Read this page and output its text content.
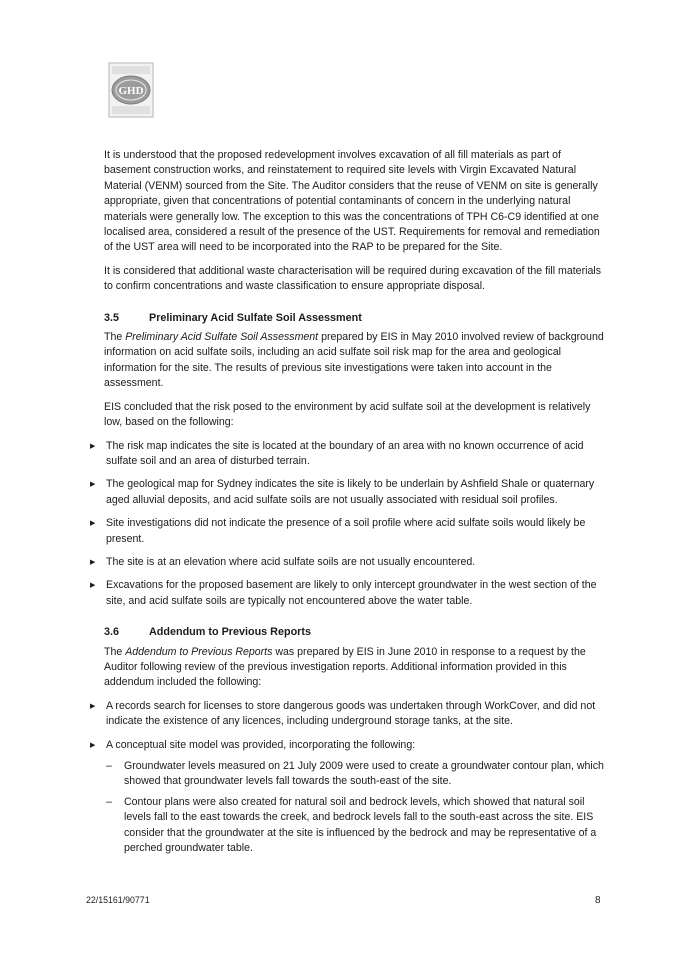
GHD

It is understood that the proposed redevelopment involves excavation of all fill materials as part of basement construction works, and reinstatement to required site levels with Virgin Excavated Natural Material (VENM) sourced from the Site. The Auditor considers that the reuse of VENM on site is generally appropriate, given that concentrations of potential contaminants of concern in the underlying natural materials were generally low. The exception to this was the concentrations of TPH C6-C9 identified at one localised area, considered a result of the presence of the UST. Requirements for removal and remediation of the UST area will need to be incorporated into the RAP to be prepared for the Site.

It is considered that additional waste characterisation will be required during excavation of the fill materials to confirm concentrations and waste classification to ensure appropriate disposal.

3.5	Preliminary Acid Sulfate Soil Assessment

The Preliminary Acid Sulfate Soil Assessment prepared by EIS in May 2010 involved review of background information on acid sulfate soils, including an acid sulfate soil risk map for the area and geological information for the site. The results of previous site investigations were taken into account in the assessment.

EIS concluded that the risk posed to the environment by acid sulfate soil at the development is relatively low, based on the following:

▶ The risk map indicates the site is located at the boundary of an area with no known occurrence of acid sulfate soil and an area of disturbed terrain.
▶ The geological map for Sydney indicates the site is likely to be underlain by Ashfield Shale or quaternary aged alluvial deposits, and acid sulfate soils are not usually associated with residual soil profiles.
▶ Site investigations did not indicate the presence of a soil profile where acid sulfate soils would likely be present.
▶ The site is at an elevation where acid sulfate soils are not usually encountered.
▶ Excavations for the proposed basement are likely to only intercept groundwater in the west section of the site, and acid sulfate soils are typically not encountered above the water table.
3.6	Addendum to Previous Reports

The Addendum to Previous Reports was prepared by EIS in June 2010 in response to a request by the Auditor following review of the previous investigation reports. Additional information provided in this addendum included the following:

▶ A records search for licenses to store dangerous goods was undertaken through WorkCover, and did not indicate the existence of any licences, including underground storage tanks, at the site.
▶ A conceptual site model was provided, incorporating the following:
– Groundwater levels measured on 21 July 2009 were used to create a groundwater contour plan, which showed that groundwater levels fall towards the south-east of the site.
– Contour plans were also created for natural soil and bedrock levels, which showed that natural soil levels fall to the east towards the creek, and bedrock levels fall to the south-east across the site. EIS consider that the groundwater at the site is influenced by the bedrock and may be representative of a perched groundwater table.
22/15161/90771	8
